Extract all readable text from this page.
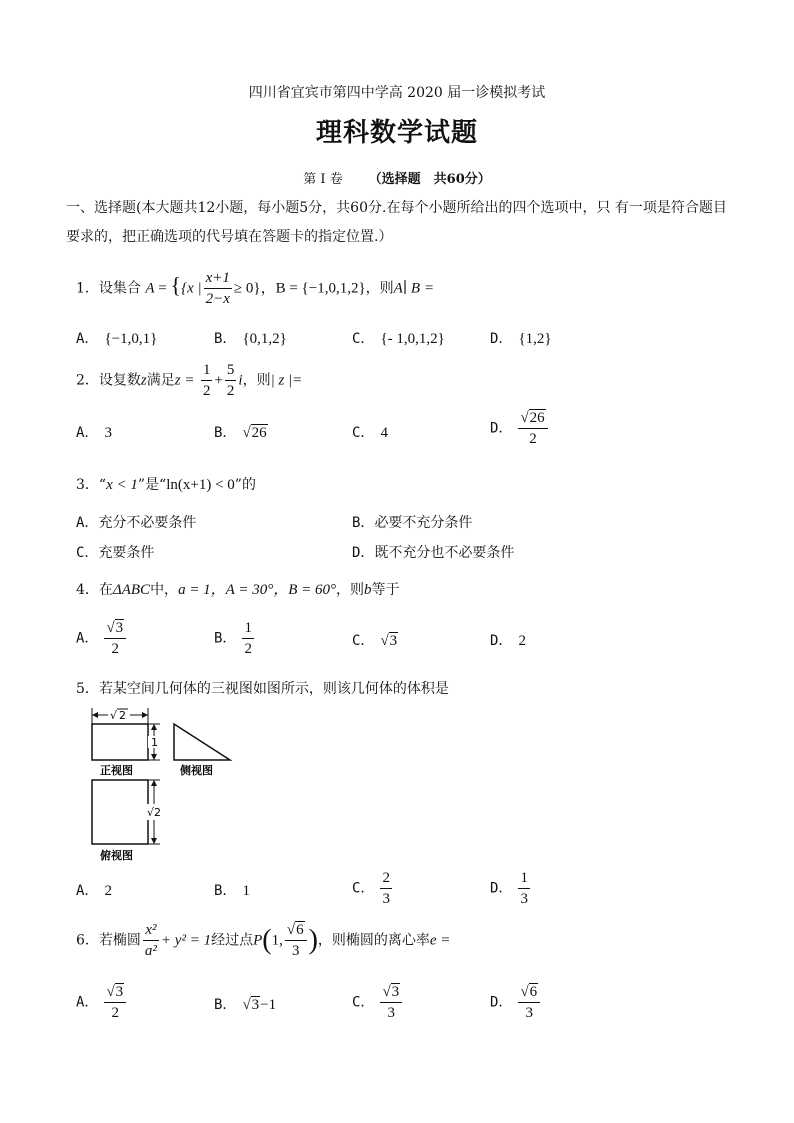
四川省宜宾市第四中学高 2020 届一诊模拟考试
理科数学试题
第 I 卷 （选择题　共60分）
一、选择题(本大题共12小题，每小题5分，共60分.在每个小题所给出的四个选项中，只 有一项是符合题目要求的，把正确选项的代号填在答题卡的指定位置.）
1．设集合 A = {{x | $\frac{x+1}{2-x} \ge 0$}，B = {−1,0,1,2}，则A∣ B =
A． {−1,0,1}	B． {0,1,2}	C． {- 1,0,1,2}	D． {1,2}
2．设复数z满足$z = \frac{1}{2} + \frac{5}{2}$ i，则| z |=
A． 3	B． √26	C． 4	D． $\frac{√26}{2}$
3．“x < 1”是“ln(x+1) < 0”的
A．充分不必要条件	B．必要不充分条件
C．充要条件	D．既不充分也不必要条件
4．在ΔABC中，a = 1，A = 30°，B = 60°，则b等于
A． $\frac{√3}{2}$	B． $\frac{1}{2}$	C． √3	D． 2
5．若某空间几何体的三视图如图所示，则该几何体的体积是
√ 2
1
正视图	侧视图
√ 2
俯视图
A． 2	B． 1	C． $\frac{2}{3}$	D． $\frac{1}{3}$
6．若椭圆 $\frac{\text{x²}}{\text{a²}} + y^2 = 1$经过点P(1, $\frac{√6}{3}$ )，则椭圆的离心率e =
A． $\frac{√3}{2}$	B． √3−1	C． $\frac{√3}{3}$	D． $\frac{√6}{3}$
